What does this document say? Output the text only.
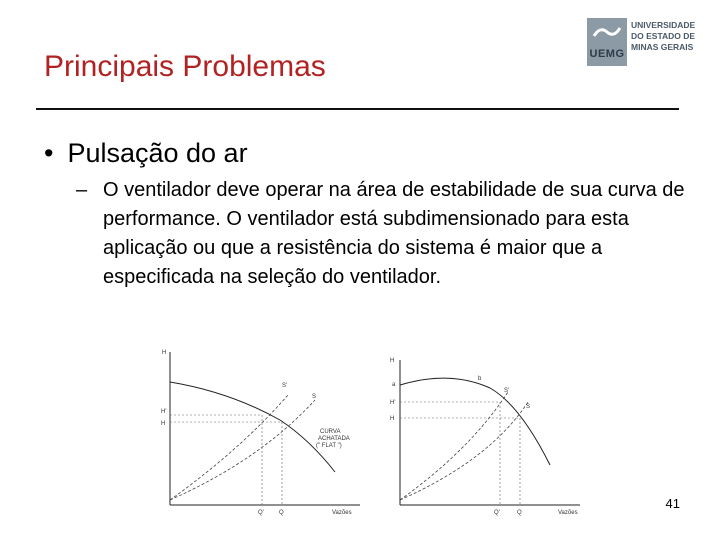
Principais Problemas	UEMG
UNIVERSIDADE DO ESTADO DE MINAS GERAIS
• Pulsação do ar
– O ventilador deve operar na área de estabilidade de sua curva de performance. O ventilador está subdimensionado para esta aplicação ou que a resistência do sistema é maior que a especificada na seleção do ventilador.
H
Vazões
H'
H
S'
S
Q'	Q
CURVA
ACHATADA
(" FLAT ")
H
Vazões
a
b
H'
H
S'
S
Q'	Q
41
